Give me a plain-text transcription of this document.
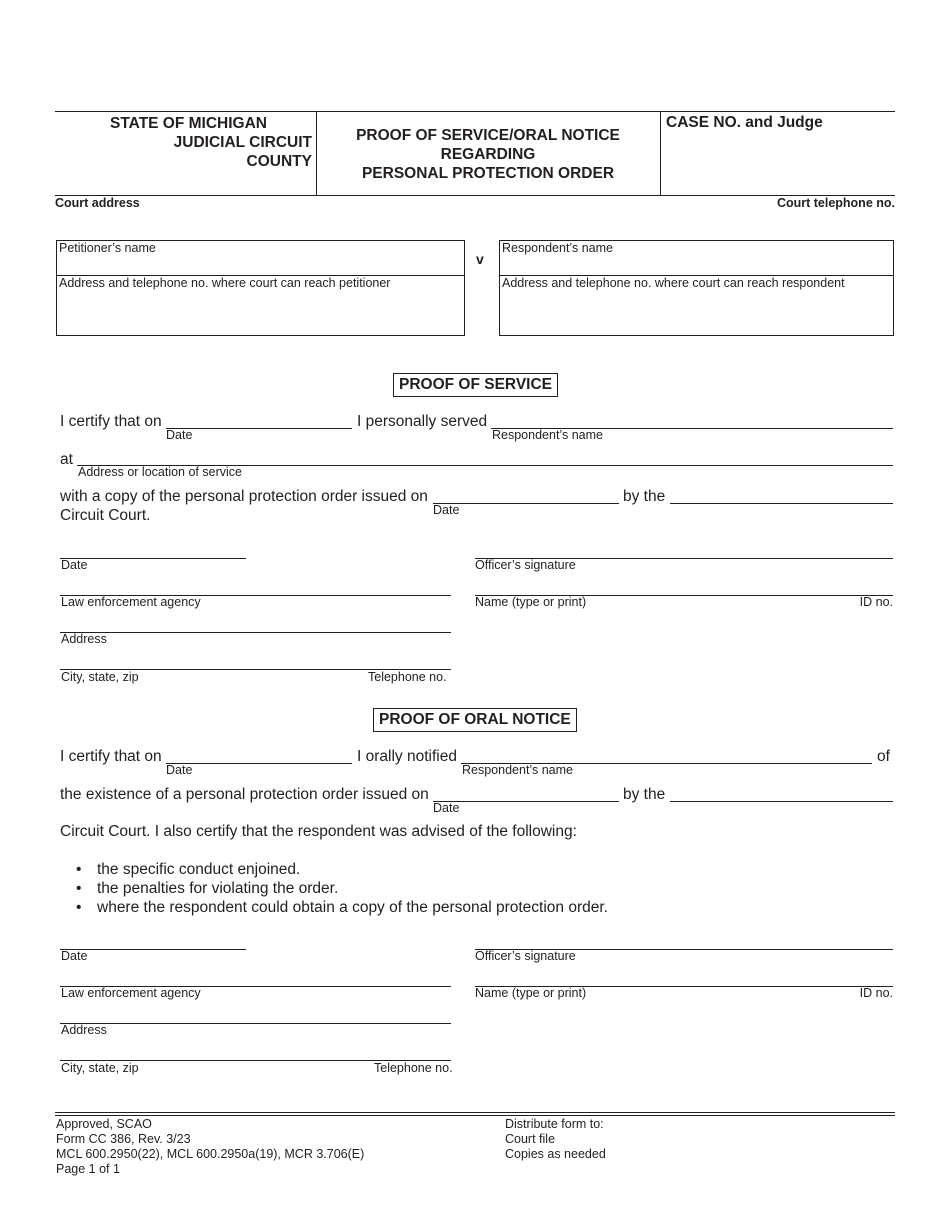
STATE OF MICHIGAN
JUDICIAL CIRCUIT
COUNTY
PROOF OF SERVICE/ORAL NOTICE
REGARDING
PERSONAL PROTECTION ORDER
CASE NO. and Judge
Court address	Court telephone no.
Petitioner’s name
Address and telephone no. where court can reach petitioner
v
Respondent’s name
Address and telephone no. where court can reach respondent
PROOF OF SERVICE
I certify that on
Date
I personally served
Respondent’s name
at
Address or location of service
with a copy of the personal protection order issued on
Date
by the
Circuit Court.
Date	Officer’s signature
Law enforcement agency	Name (type or print)	ID no.
Address
City, state, zip	Telephone no.
PROOF OF ORAL NOTICE
I certify that on
Date
I orally notified
Respondent’s name
of
the existence of a personal protection order issued on
Date
by the
Circuit Court. I also certify that the respondent was advised of the following:
• the specific conduct enjoined.
• the penalties for violating the order.
• where the respondent could obtain a copy of the personal protection order.
Date	Officer’s signature
Law enforcement agency	Name (type or print)	ID no.
Address
City, state, zip	Telephone no.
Approved, SCAO
Form CC 386, Rev. 3/23
MCL 600.2950(22), MCL 600.2950a(19), MCR 3.706(E)
Page 1 of 1
Distribute form to:
Court file
Copies as needed
